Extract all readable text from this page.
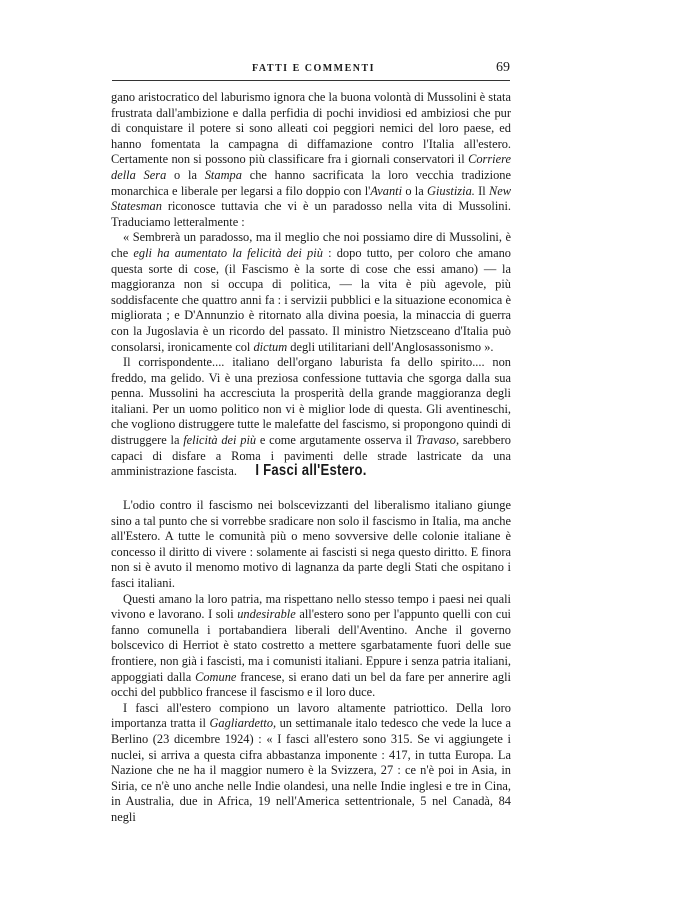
FATTI E COMMENTI	69

gano aristocratico del laburismo ignora che la buona volontà di Mussolini è stata frustrata dall'ambizione e dalla perfidia di pochi invidiosi ed ambiziosi che pur di conquistare il potere si sono alleati coi peggiori nemici del loro paese, ed hanno fomentata la campagna di diffamazione contro l'Italia all'estero. Certamente non si possono più classificare fra i giornali conservatori il Corriere della Sera o la Stampa che hanno sacrificata la loro vecchia tradizione monarchica e liberale per legarsi a filo doppio con l'Avanti o la Giustizia. Il New Statesman riconosce tuttavia che vi è un paradosso nella vita di Mussolini. Traduciamo letteralmente :

« Sembrerà un paradosso, ma il meglio che noi possiamo dire di Mussolini, è che egli ha aumentato la felicità dei più : dopo tutto, per coloro che amano questa sorte di cose, (il Fascismo è la sorte di cose che essi amano) — la maggioranza non si occupa di politica, — la vita è più agevole, più soddisfacente che quattro anni fa : i servizii pubblici e la situazione economica è migliorata ; e D'Annunzio è ritornato alla divina poesia, la minaccia di guerra con la Jugoslavia è un ricordo del passato. Il ministro Nietzsceano d'Italia può consolarsi, ironicamente col dictum degli utilitariani dell'Anglosassonismo ».

Il corrispondente.... italiano dell'organo laburista fa dello spirito.... non freddo, ma gelido. Vi è una preziosa confessione tuttavia che sgorga dalla sua penna. Mussolini ha accresciuta la prosperità della grande maggioranza degli italiani. Per un uomo politico non vi è miglior lode di questa. Gli aventineschi, che vogliono distruggere tutte le malefatte del fascismo, si propongono quindi di distruggere la felicità dei più e come argutamente osserva il Travaso, sarebbero capaci di disfare a Roma i pavimenti delle strade lastricate da una amministrazione fascista.	I Fasci all'Estero.

L'odio contro il fascismo nei bolscevizzanti del liberalismo italiano giunge sino a tal punto che si vorrebbe sradicare non solo il fascismo in Italia, ma anche all'Estero. A tutte le comunità più o meno sovversive delle colonie italiane è concesso il diritto di vivere : solamente ai fascisti si nega questo diritto. E finora non si è avuto il menomo motivo di lagnanza da parte degli Stati che ospitano i fasci italiani.

Questi amano la loro patria, ma rispettano nello stesso tempo i paesi nei quali vivono e lavorano. I soli undesirable all'estero sono per l'appunto quelli con cui fanno comunella i portabandiera liberali dell'Aventino. Anche il governo bolscevico di Herriot è stato costretto a mettere sgarbatamente fuori delle sue frontiere, non già i fascisti, ma i comunisti italiani. Eppure i senza patria italiani, appoggiati dalla Comune francese, si erano dati un bel da fare per annerire agli occhi del pubblico francese il fascismo e il loro duce.

I fasci all'estero compiono un lavoro altamente patriottico. Della loro importanza tratta il Gagliardetto, un settimanale italo tedesco che vede la luce a Berlino (23 dicembre 1924) : « I fasci all'estero sono 315. Se vi aggiungete i nuclei, si arriva a questa cifra abbastanza imponente : 417, in tutta Europa. La Nazione che ne ha il maggior numero è la Svizzera, 27 : ce n'è poi in Asia, in Siria, ce n'è uno anche nelle Indie olandesi, una nelle Indie inglesi e tre in Cina, in Australia, due in Africa, 19 nell'America settentrionale, 5 nel Canadà, 84 negli
